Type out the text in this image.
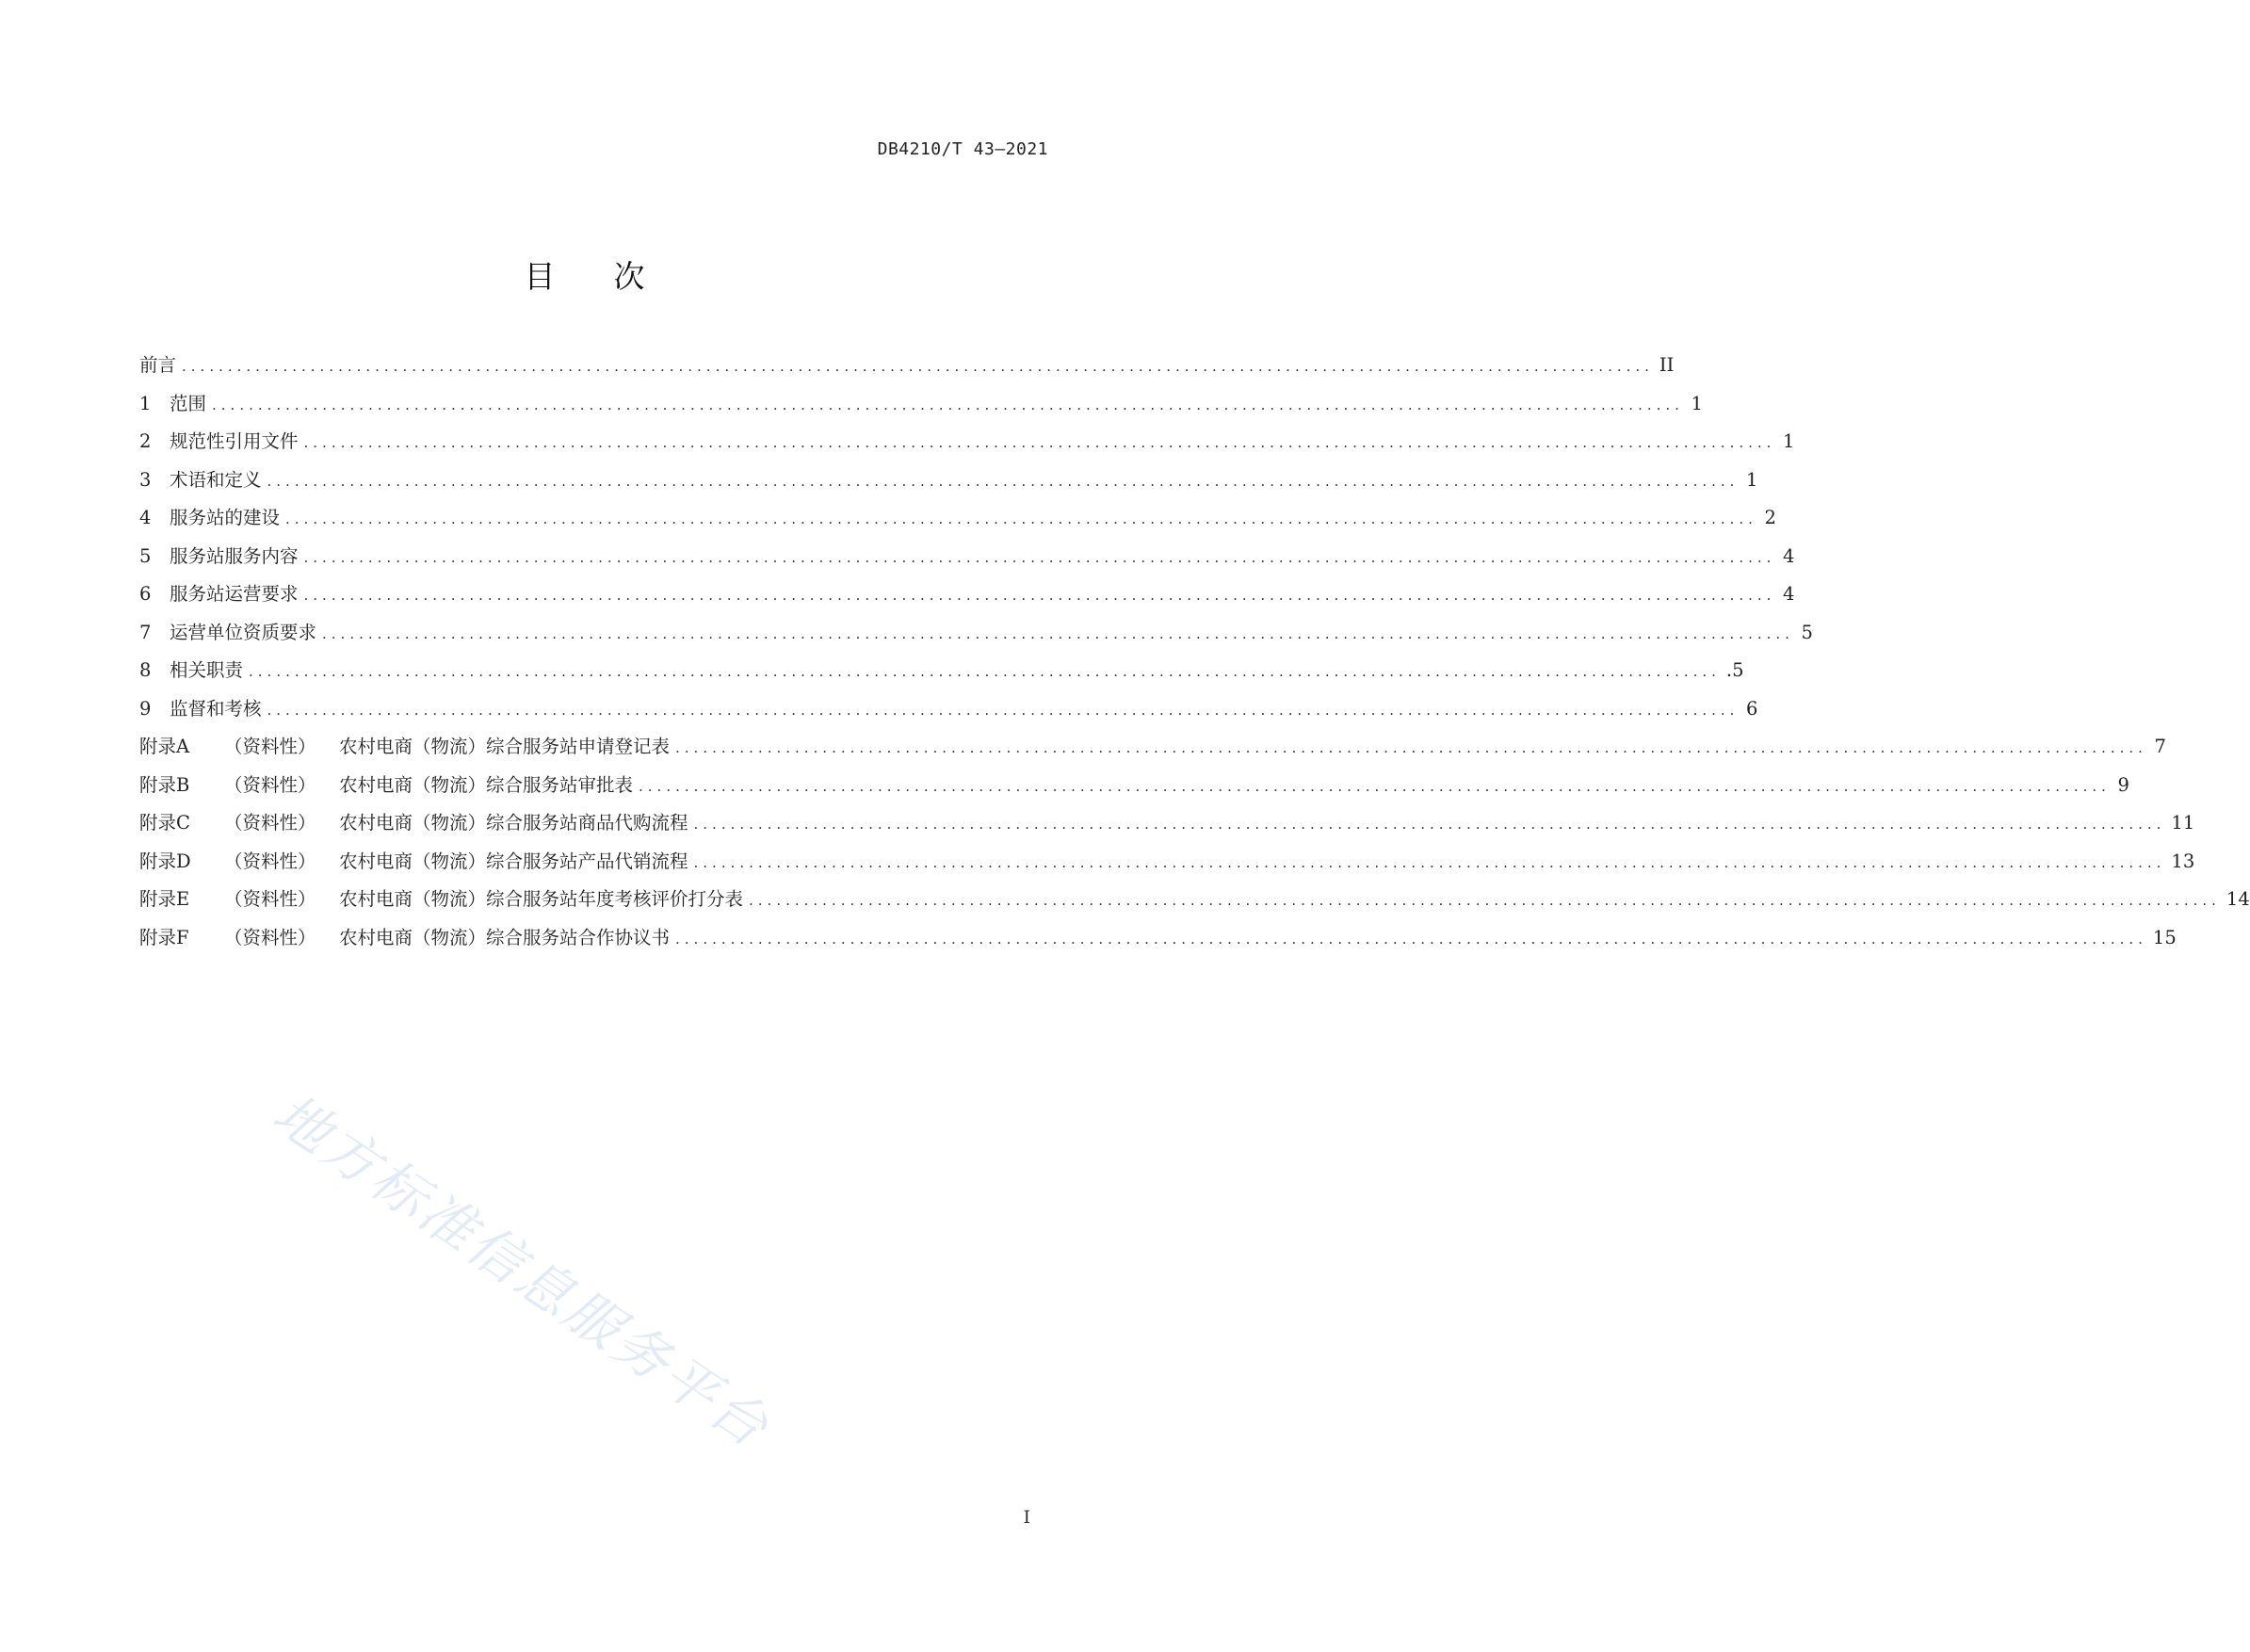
DB4210/T 43—2021
目次
前言 ................................................................................................................................................................ II
1 范围 ................................................................................................................................................................ 1
2 规范性引用文件 ................................................................................................................................................................ 1
3 术语和定义 ................................................................................................................................................................ 1
4 服务站的建设 ................................................................................................................................................................ 2
5 服务站服务内容 ................................................................................................................................................................ 4
6 服务站运营要求 ................................................................................................................................................................ 4
7 运营单位资质要求 ................................................................................................................................................................ 5
8 相关职责 ................................................................................................................................................................ .5
9 监督和考核 ................................................................................................................................................................ 6
附录A （资料性） 农村电商（物流）综合服务站申请登记表 ................................................................................................................................................................ 7
附录B （资料性） 农村电商（物流）综合服务站审批表 ................................................................................................................................................................ 9
附录C （资料性） 农村电商（物流）综合服务站商品代购流程 ................................................................................................................................................................ 11
附录D （资料性） 农村电商（物流）综合服务站产品代销流程 ................................................................................................................................................................ 13
附录E （资料性） 农村电商（物流）综合服务站年度考核评价打分表 ................................................................................................................................................................ 14
附录F （资料性） 农村电商（物流）综合服务站合作协议书 ................................................................................................................................................................ 15
地方标准信息服务平台
I
